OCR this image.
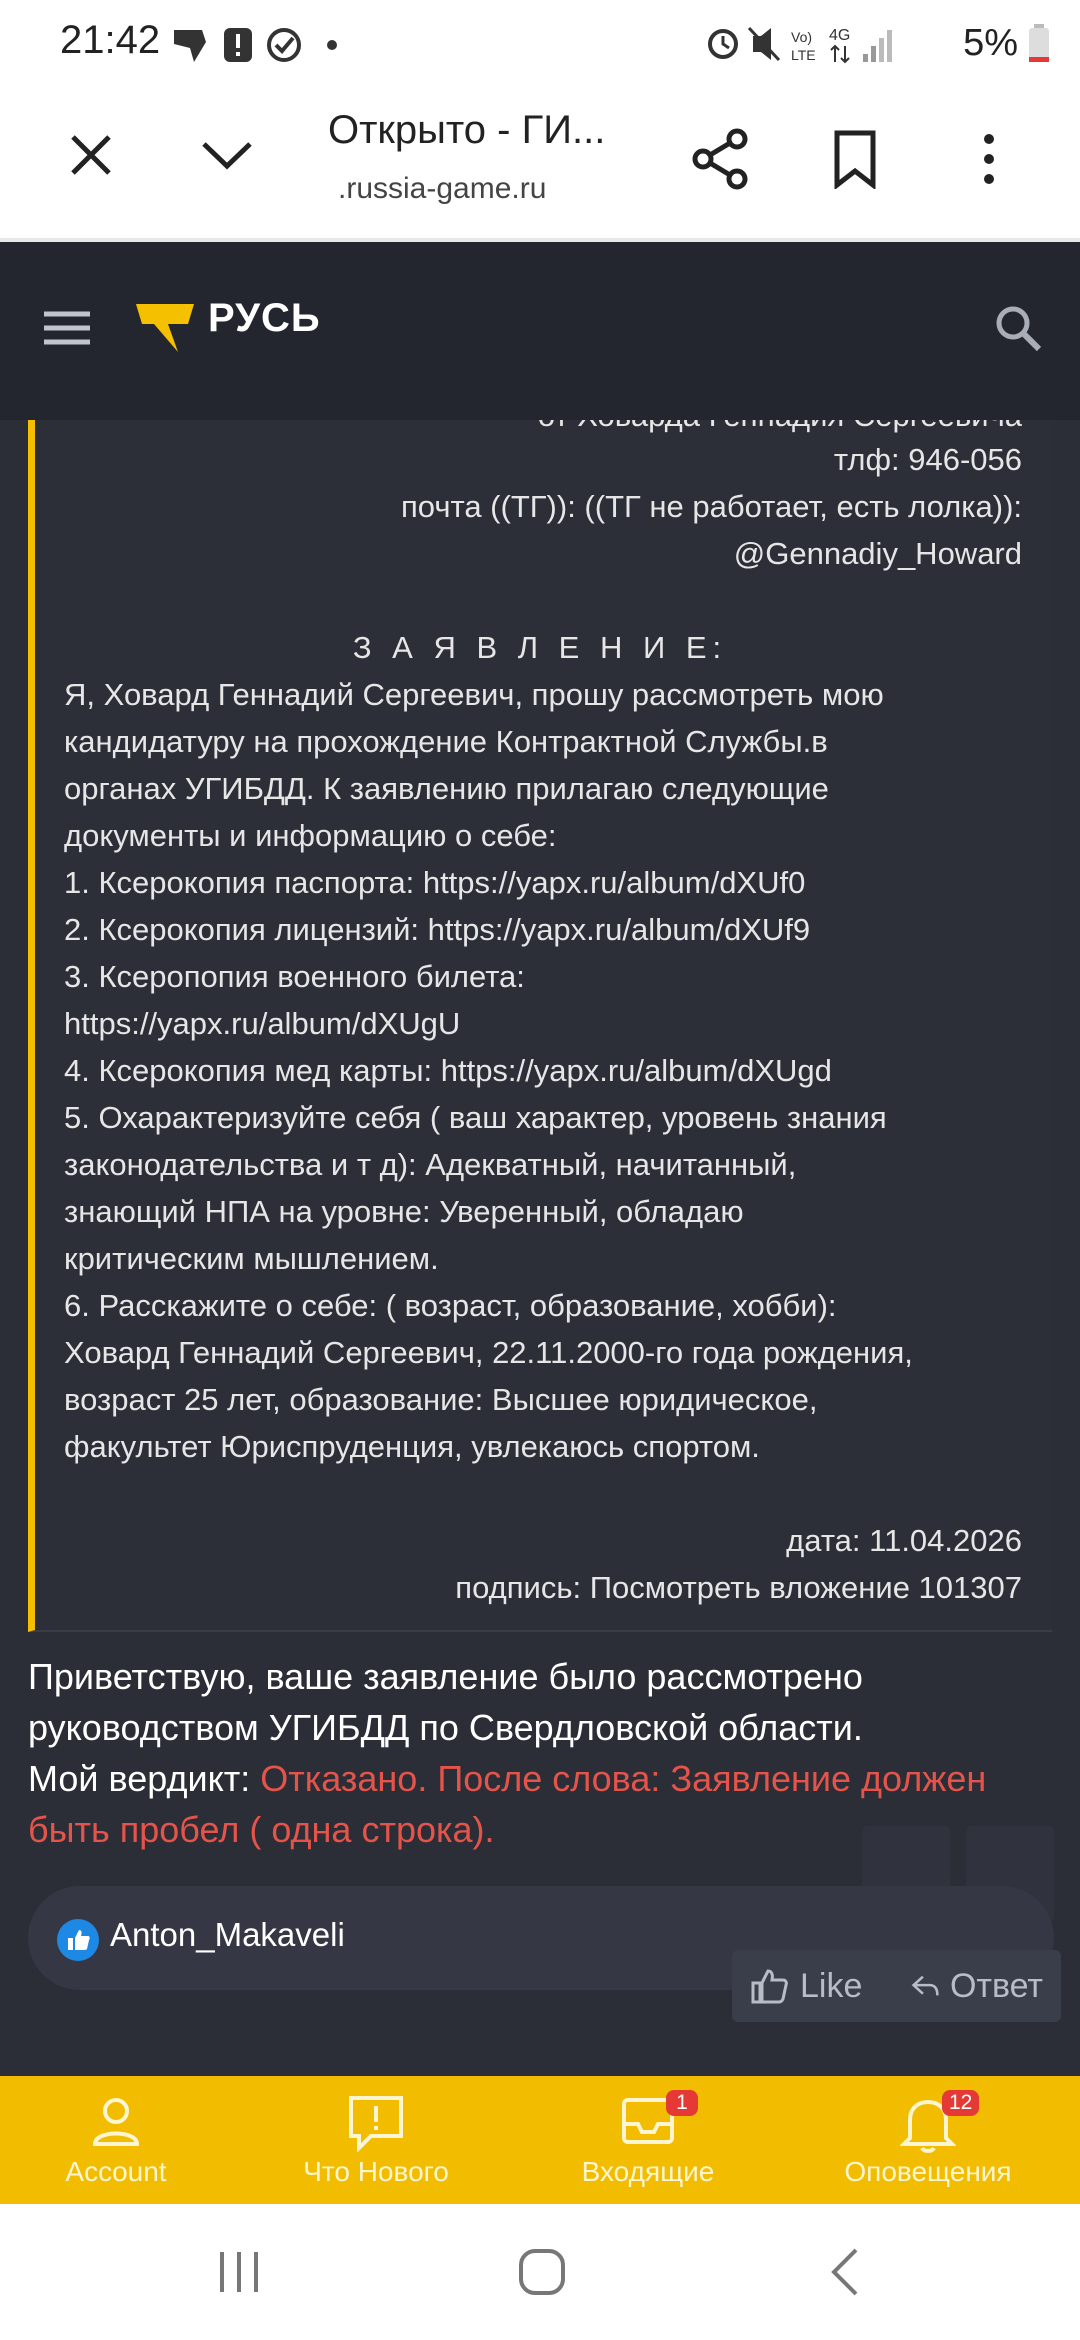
21:42	Vo)
LTE
4G	5%
Открыто - ГИ...
 .russia-game.ru
РУСЬ
тлф: 946-056
почта ((ТГ)): ((ТГ не работает, есть лолка)):
@Gennadiy_Howard
З А Я В Л Е Н И Е:
Я, Ховард Геннадий Сергеевич, прошу рассмотреть мою
кандидатуру на прохождение Контрактной Службы.в
органах УГИБДД. К заявлению прилагаю следующие
документы и информацию о себе:
1. Ксерокопия паспорта: https://yapx.ru/album/dXUf0
2. Ксерокопия лицензий: https://yapx.ru/album/dXUf9
3. Ксеропопия военного билета:
https://yapx.ru/album/dXUgU
4. Ксерокопия мед карты: https://yapx.ru/album/dXUgd
5. Охарактеризуйте себя ( ваш характер, уровень знания
законодательства и т д): Адекватный, начитанный,
знающий НПА на уровне: Уверенный, обладаю
критическим мышлением.
6. Расскажите о себе: ( возраст, образование, хобби):
Ховард Геннадий Сергеевич, 22.11.2000-го года рождения,
возраст 25 лет, образование: Высшее юридическое,
факультет Юриспруденция, увлекаюсь спортом.
дата: 11.04.2026
подпись: Посмотреть вложение 101307
Приветствую, ваше заявление было рассмотрено
руководством УГИБДД по Свердловской области.
Мой вердикт: Отказано. После слова: Заявление должен
быть пробел ( одна строка).
Anton_Makaveli
Like	Ответ
Account	Что Нового
1
Входящие
12
Оповещения
